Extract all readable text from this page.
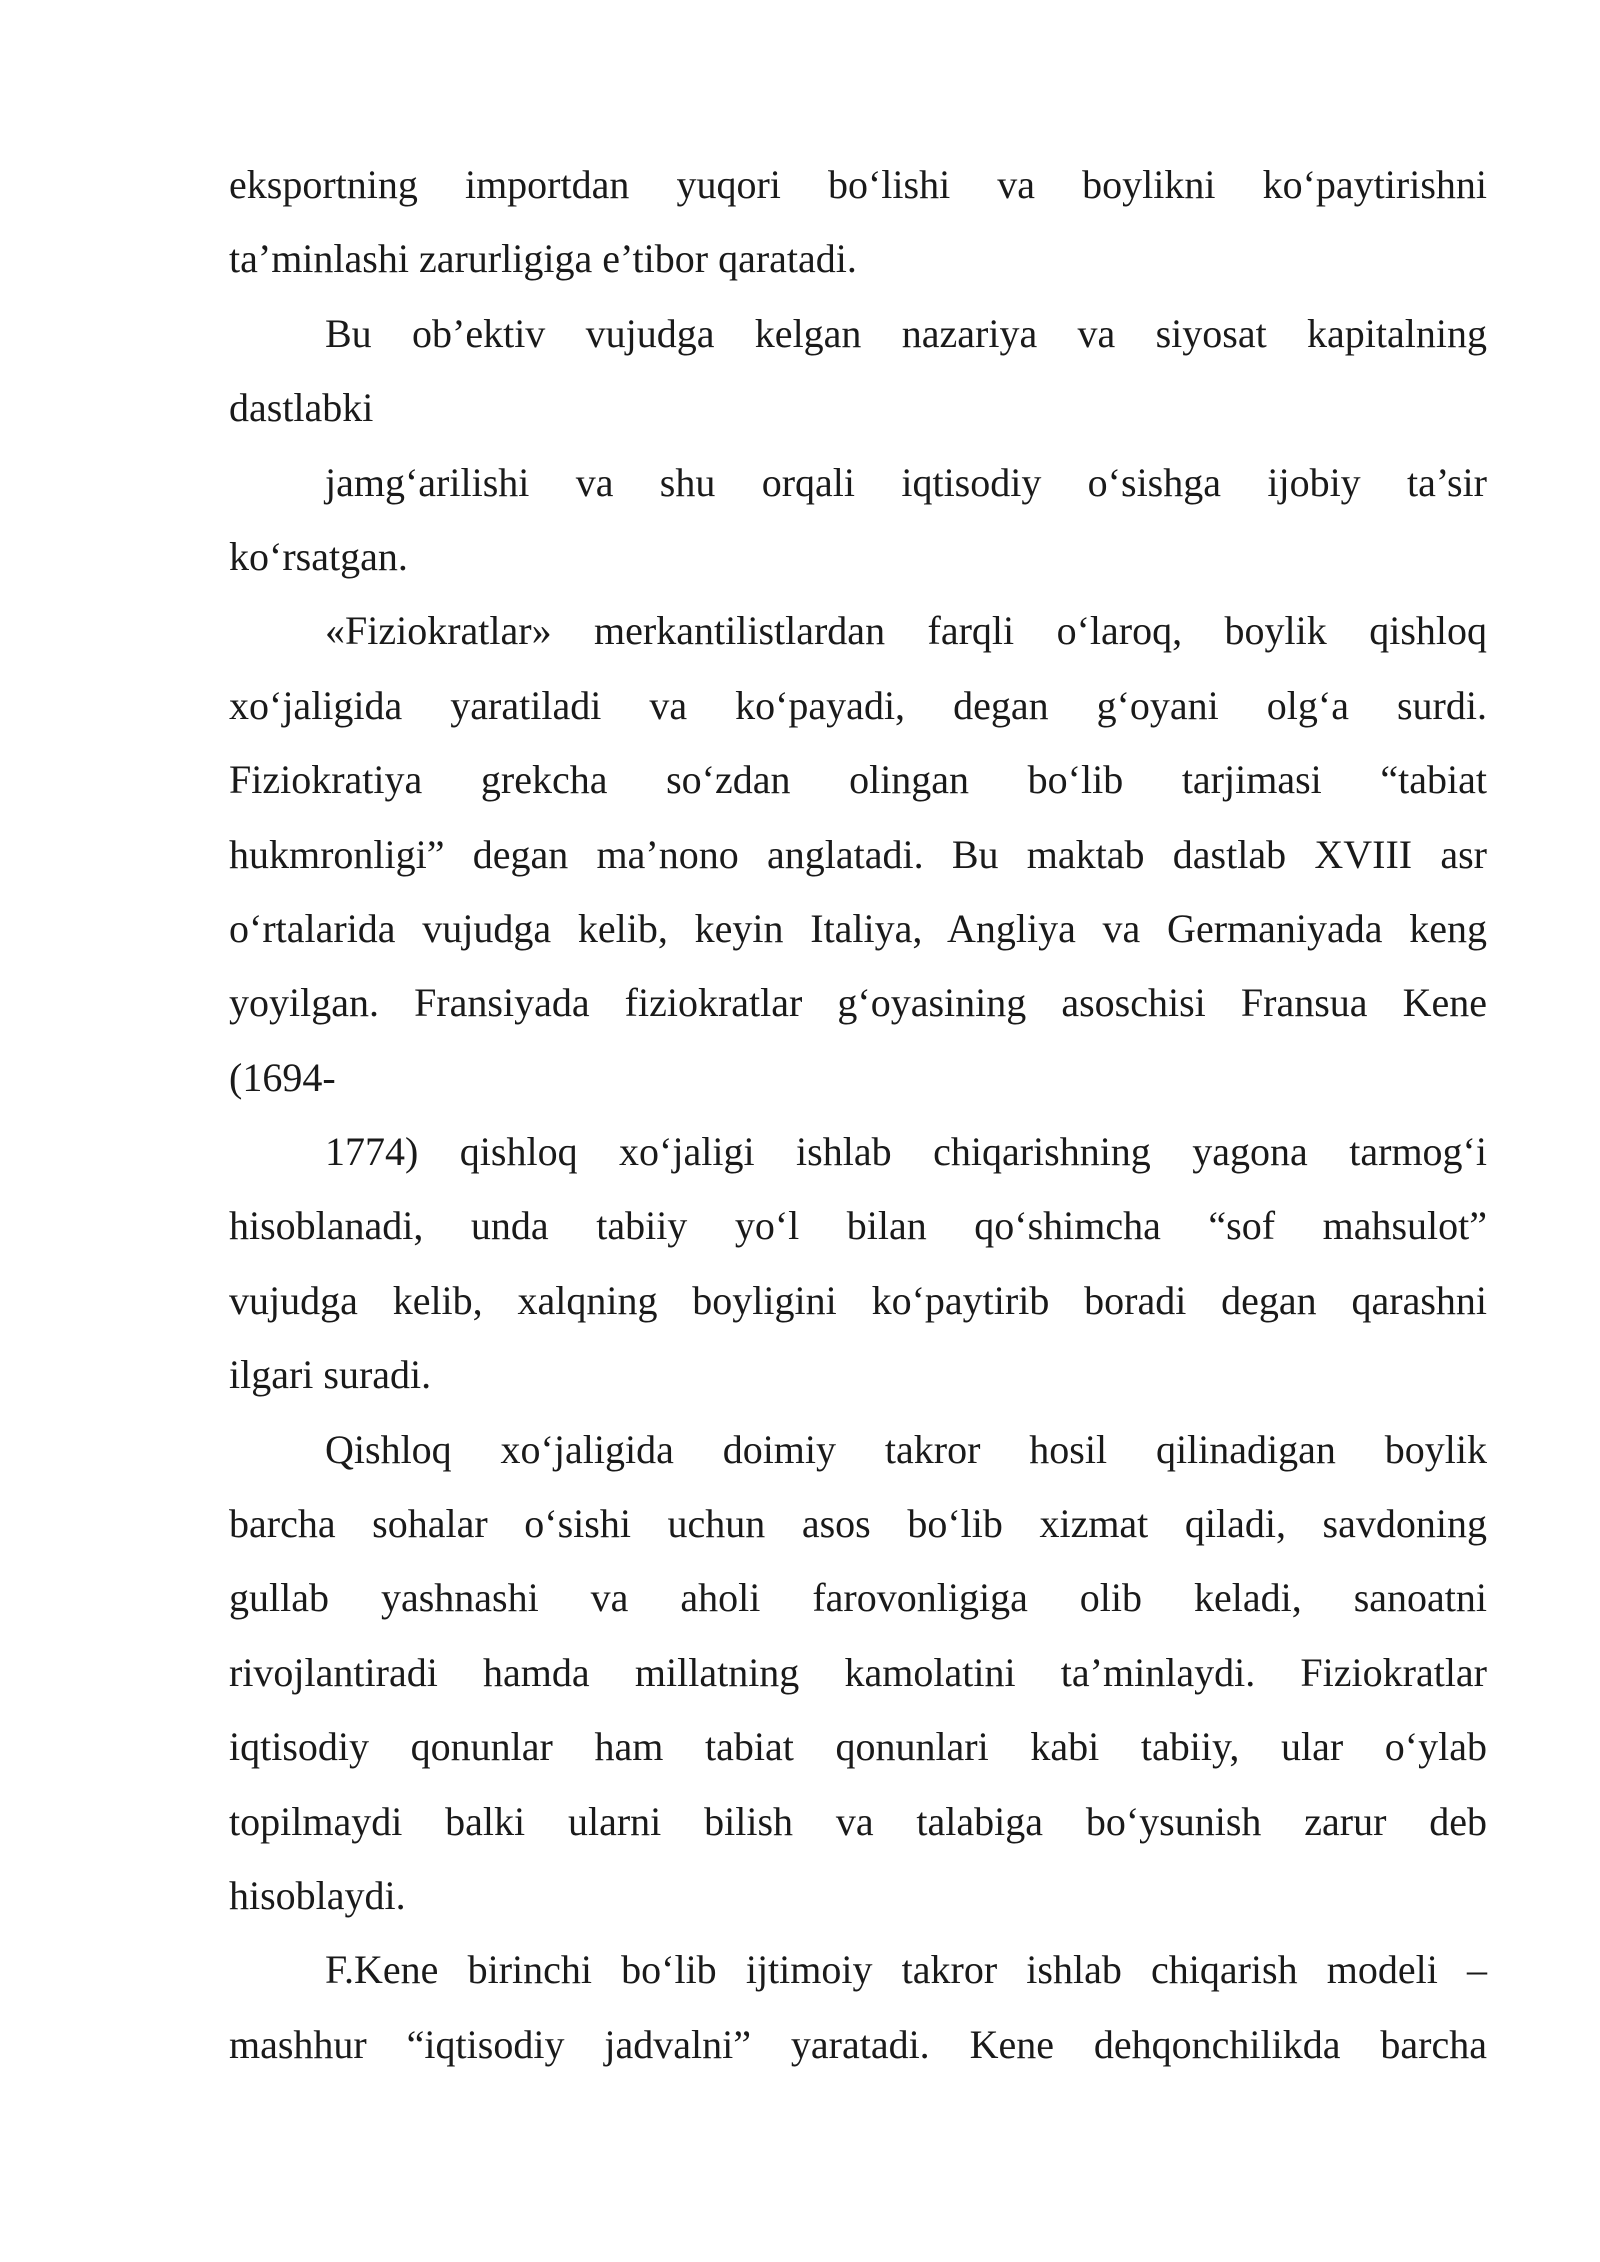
eksportning importdan yuqori bo‘lishi va boylikni ko‘paytirishni
ta’minlashi zarurligiga e’tibor qaratadi.
Bu ob’ektiv vujudga kelgan nazariya va siyosat kapitalning
dastlabki
jamg‘arilishi va shu orqali iqtisodiy o‘sishga ijobiy ta’sir
ko‘rsatgan.
«Fiziokratlar» merkantilistlardan farqli o‘laroq, boylik qishloq
xo‘jaligida yaratiladi va ko‘payadi, degan g‘oyani olg‘a surdi.
Fiziokratiya grekcha so‘zdan olingan bo‘lib tarjimasi “tabiat
hukmronligi” degan ma’nono anglatadi. Bu maktab dastlab XVIII asr
o‘rtalarida vujudga kelib, keyin Italiya, Angliya va Germaniyada keng
yoyilgan. Fransiyada fiziokratlar g‘oyasining asoschisi Fransua Kene
(1694-
1774) qishloq xo‘jaligi ishlab chiqarishning yagona tarmog‘i
hisoblanadi, unda tabiiy yo‘l bilan qo‘shimcha “sof mahsulot”
vujudga kelib, xalqning boyligini ko‘paytirib boradi degan qarashni
ilgari suradi.
Qishloq xo‘jaligida doimiy takror hosil qilinadigan boylik
barcha sohalar o‘sishi uchun asos bo‘lib xizmat qiladi, savdoning
gullab yashnashi va aholi farovonligiga olib keladi, sanoatni
rivojlantiradi hamda millatning kamolatini ta’minlaydi. Fiziokratlar
iqtisodiy qonunlar ham tabiat qonunlari kabi tabiiy, ular o‘ylab
topilmaydi balki ularni bilish va talabiga bo‘ysunish zarur deb
hisoblaydi.
F.Kene birinchi bo‘lib ijtimoiy takror ishlab chiqarish modeli –
mashhur “iqtisodiy jadvalni” yaratadi. Kene dehqonchilikda barcha
